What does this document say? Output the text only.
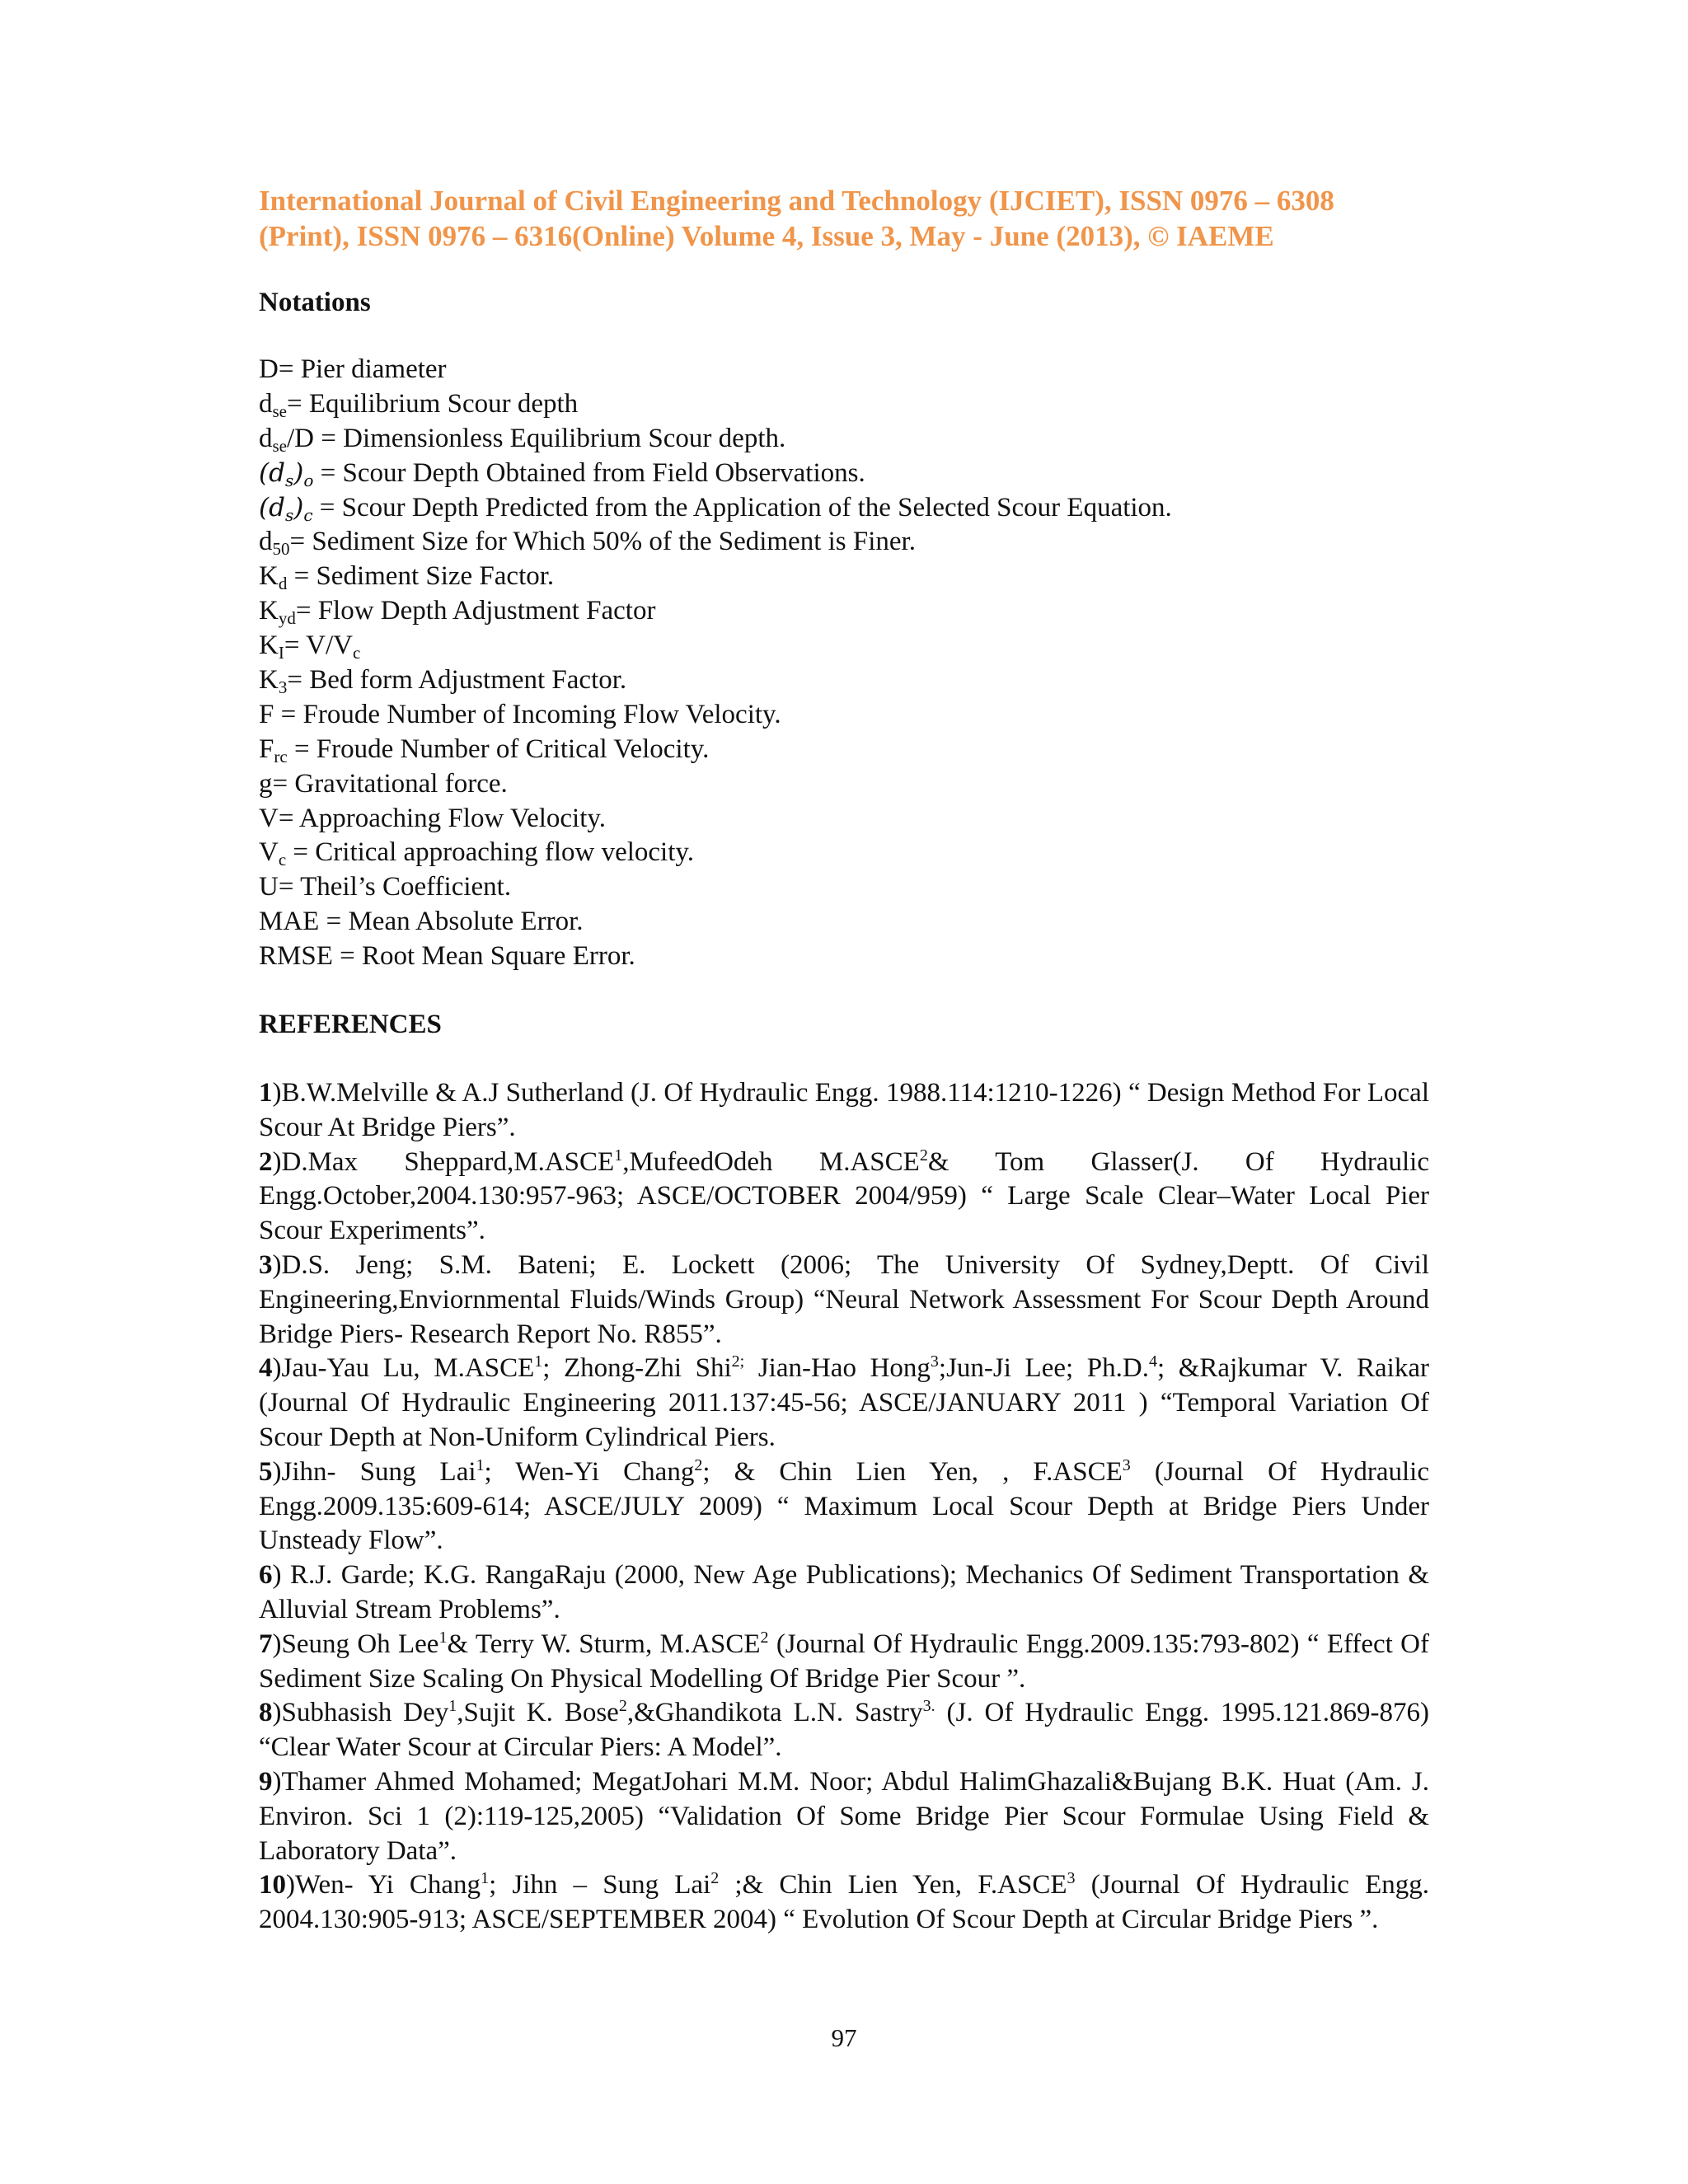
International Journal of Civil Engineering and Technology (IJCIET), ISSN 0976 – 6308
(Print), ISSN 0976 – 6316(Online) Volume 4, Issue 3, May - June (2013), © IAEME
Notations
D= Pier diameter
$d_{se}=$ Equilibrium Scour depth
$d_{se}/D$ = Dimensionless Equilibrium Scour depth.
$(d_s)_o$ = Scour Depth Obtained from Field Observations.
$(d_s)_c$ = Scour Depth Predicted from the Application of the Selected Scour Equation.
$d_{50}=$ Sediment Size for Which 50% of the Sediment is Finer.
$K_d$ = Sediment Size Factor.
$K_{yd}=$ Flow Depth Adjustment Factor
$K_I= V/V_c$
$K_3=$ Bed form Adjustment Factor.
F = Froude Number of Incoming Flow Velocity.
$F_{rc}$ = Froude Number of Critical Velocity.
g= Gravitational force.
V= Approaching Flow Velocity.
$V_c$ = Critical approaching flow velocity.
U= Theil’s Coefficient.
MAE = Mean Absolute Error.
RMSE = Root Mean Square Error.
REFERENCES

1)B.W.Melville & A.J Sutherland (J. Of Hydraulic Engg. 1988.114:1210-1226) “ Design Method For Local Scour At Bridge Piers”.

2)D.Max Sheppard,M.ASCE$^1$,MufeedOdeh M.ASCE$^2$& Tom Glasser(J. Of Hydraulic Engg.October,2004.130:957-963; ASCE/OCTOBER 2004/959) “ Large Scale Clear–Water Local Pier Scour Experiments”.

3)D.S. Jeng; S.M. Bateni; E. Lockett (2006; The University Of Sydney,Deptt. Of Civil Engineering,Enviornmental Fluids/Winds Group) “Neural Network Assessment For Scour Depth Around Bridge Piers- Research Report No. R855”.

4)Jau-Yau Lu, M.ASCE$^1$; Zhong-Zhi Shi$^{2;}$ Jian-Hao Hong$^3$;Jun-Ji Lee; Ph.D.$^4$; &Rajkumar V. Raikar (Journal Of Hydraulic Engineering 2011.137:45-56; ASCE/JANUARY 2011 ) “Temporal Variation Of Scour Depth at Non-Uniform Cylindrical Piers.

5)Jihn- Sung Lai$^1$; Wen-Yi Chang$^2$; & Chin Lien Yen, , F.ASCE$^3$ (Journal Of Hydraulic Engg.2009.135:609-614; ASCE/JULY 2009) “ Maximum Local Scour Depth at Bridge Piers Under Unsteady Flow”.

6) R.J. Garde; K.G. RangaRaju (2000, New Age Publications); Mechanics Of Sediment Transportation & Alluvial Stream Problems”.

7)Seung Oh Lee$^1$& Terry W. Sturm, M.ASCE$^2$ (Journal Of Hydraulic Engg.2009.135:793-802) “ Effect Of Sediment Size Scaling On Physical Modelling Of Bridge Pier Scour ”.

8)Subhasish Dey$^1$,Sujit K. Bose$^2$,&Ghandikota L.N. Sastry$^{3.}$ (J. Of Hydraulic Engg. 1995.121.869-876) “Clear Water Scour at Circular Piers: A Model”.

9)Thamer Ahmed Mohamed; MegatJohari M.M. Noor; Abdul HalimGhazali&Bujang B.K. Huat (Am. J. Environ. Sci 1 (2):119-125,2005) “Validation Of Some Bridge Pier Scour Formulae Using Field & Laboratory Data”.

10)Wen- Yi Chang$^1$; Jihn – Sung Lai$^2$ ;& Chin Lien Yen, F.ASCE$^3$ (Journal Of Hydraulic Engg. 2004.130:905-913; ASCE/SEPTEMBER 2004) “ Evolution Of Scour Depth at Circular Bridge Piers ”.

97
